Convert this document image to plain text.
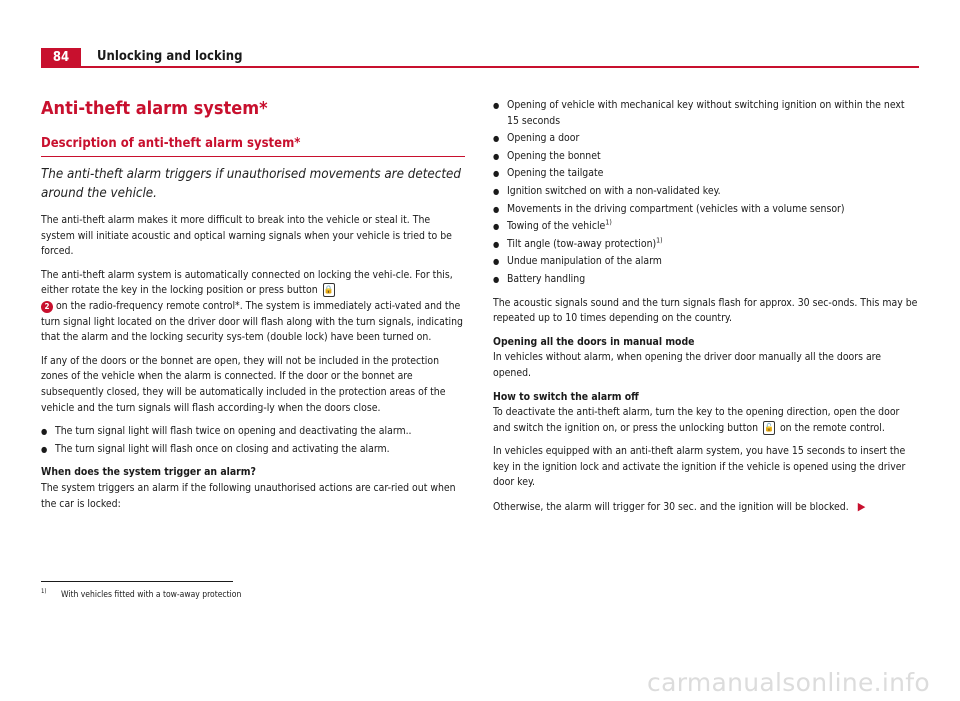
84	Unlocking and locking
Anti-theft alarm system*
Description of anti-theft alarm system*

The anti-theft alarm triggers if unauthorised movements are detected around the vehicle.

The anti-theft alarm makes it more difficult to break into the vehicle or steal it. The system will initiate acoustic and optical warning signals when your vehicle is tried to be forced.

The anti-theft alarm system is automatically connected on locking the vehi-cle. For this, either rotate the key in the locking position or press button 🔒
2 on the radio-frequency remote control*. The system is immediately acti-vated and the turn signal light located on the driver door will flash along with the turn signals, indicating that the alarm and the locking security sys-tem (double lock) have been turned on.

If any of the doors or the bonnet are open, they will not be included in the protection zones of the vehicle when the alarm is connected. If the door or the bonnet are subsequently closed, they will be automatically included in the protection areas of the vehicle and the turn signals will flash according-ly when the doors close.

● The turn signal light will flash twice on opening and deactivating the alarm..
● The turn signal light will flash once on closing and activating the alarm.

When does the system trigger an alarm?

The system triggers an alarm if the following unauthorised actions are car-ried out when the car is locked:

● Opening of vehicle with mechanical key without switching ignition on within the next 15 seconds
● Opening a door
● Opening the bonnet
● Opening the tailgate
● Ignition switched on with a non-validated key.
● Movements in the driving compartment (vehicles with a volume sensor)
● Towing of the vehicle$^{1)}$
● Tilt angle (tow-away protection)$^{1)}$
● Undue manipulation of the alarm
● Battery handling

The acoustic signals sound and the turn signals flash for approx. 30 sec-onds. This may be repeated up to 10 times depending on the country.

Opening all the doors in manual mode

In vehicles without alarm, when opening the driver door manually all the doors are opened.

How to switch the alarm off

To deactivate the anti-theft alarm, turn the key to the opening direction, open the door and switch the ignition on, or press the unlocking button 🔓 on the remote control.

In vehicles equipped with an anti-theft alarm system, you have 15 seconds to insert the key in the ignition lock and activate the ignition if the vehicle is opened using the driver door key.

Otherwise, the alarm will trigger for 30 sec. and the ignition will be blocked. ▶

$^{1)}$ With vehicles fitted with a tow-away protection
carmanualsonline.info
